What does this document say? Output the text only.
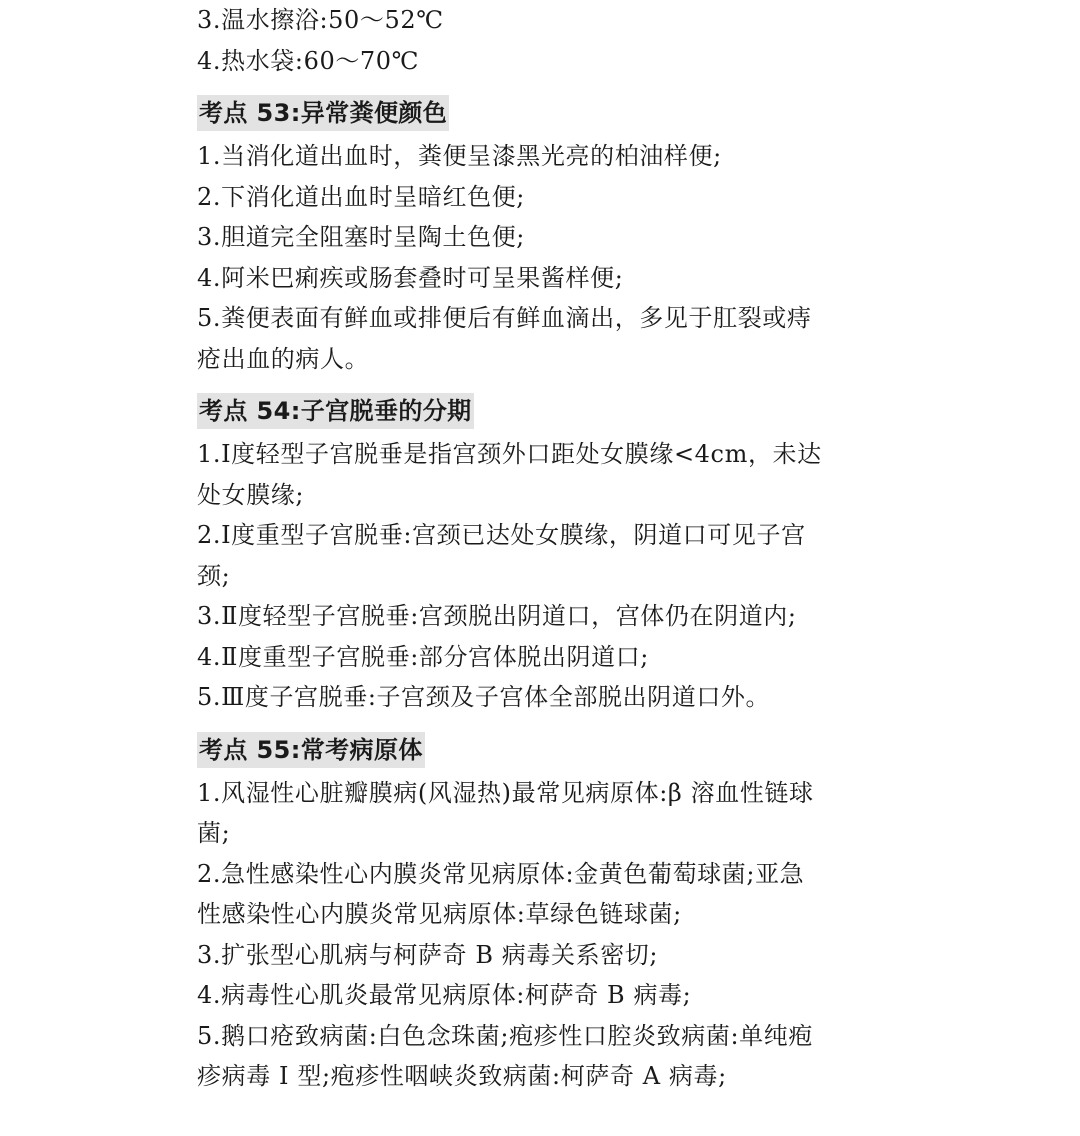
3.温水擦浴:50～52℃
4.热水袋:60～70℃
考点 53:异常粪便颜色
1.当消化道出血时，粪便呈漆黑光亮的柏油样便;
2.下消化道出血时呈暗红色便;
3.胆道完全阻塞时呈陶土色便;
4.阿米巴痢疾或肠套叠时可呈果酱样便;
5.粪便表面有鲜血或排便后有鲜血滴出，多见于肛裂或痔
疮出血的病人。
考点 54:子宫脱垂的分期
1.Ⅰ度轻型子宫脱垂是指宫颈外口距处女膜缘<4cm，未达
处女膜缘;
2.Ⅰ度重型子宫脱垂:宫颈已达处女膜缘，阴道口可见子宫
颈;
3.Ⅱ度轻型子宫脱垂:宫颈脱出阴道口，宫体仍在阴道内;
4.Ⅱ度重型子宫脱垂:部分宫体脱出阴道口;
5.Ⅲ度子宫脱垂:子宫颈及子宫体全部脱出阴道口外。
考点 55:常考病原体
1.风湿性心脏瓣膜病(风湿热)最常见病原体:β 溶血性链球
菌;
2.急性感染性心内膜炎常见病原体:金黄色葡萄球菌;亚急
性感染性心内膜炎常见病原体:草绿色链球菌;
3.扩张型心肌病与柯萨奇 B 病毒关系密切;
4.病毒性心肌炎最常见病原体:柯萨奇 B 病毒;
5.鹅口疮致病菌:白色念珠菌;疱疹性口腔炎致病菌:单纯疱
疹病毒 I 型;疱疹性咽峡炎致病菌:柯萨奇 A 病毒;
